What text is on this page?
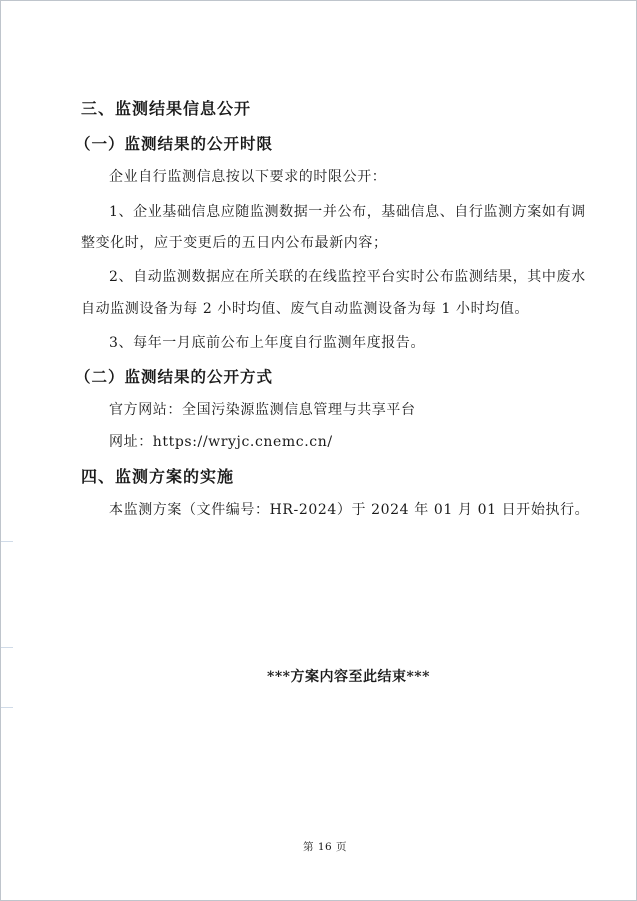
三、监测结果信息公开
（一）监测结果的公开时限
企业自行监测信息按以下要求的时限公开：
1、企业基础信息应随监测数据一并公布，基础信息、自行监测方案如有调
整变化时，应于变更后的五日内公布最新内容；
2、自动监测数据应在所关联的在线监控平台实时公布监测结果，其中废水
自动监测设备为每 2 小时均值、废气自动监测设备为每 1 小时均值。
3、每年一月底前公布上年度自行监测年度报告。
（二）监测结果的公开方式
官方网站：全国污染源监测信息管理与共享平台
网址：https://wryjc.cnemc.cn/
四、监测方案的实施
本监测方案（文件编号：HR-2024）于 2024 年 01 月 01 日开始执行。
***方案内容至此结束***
第 16 页
